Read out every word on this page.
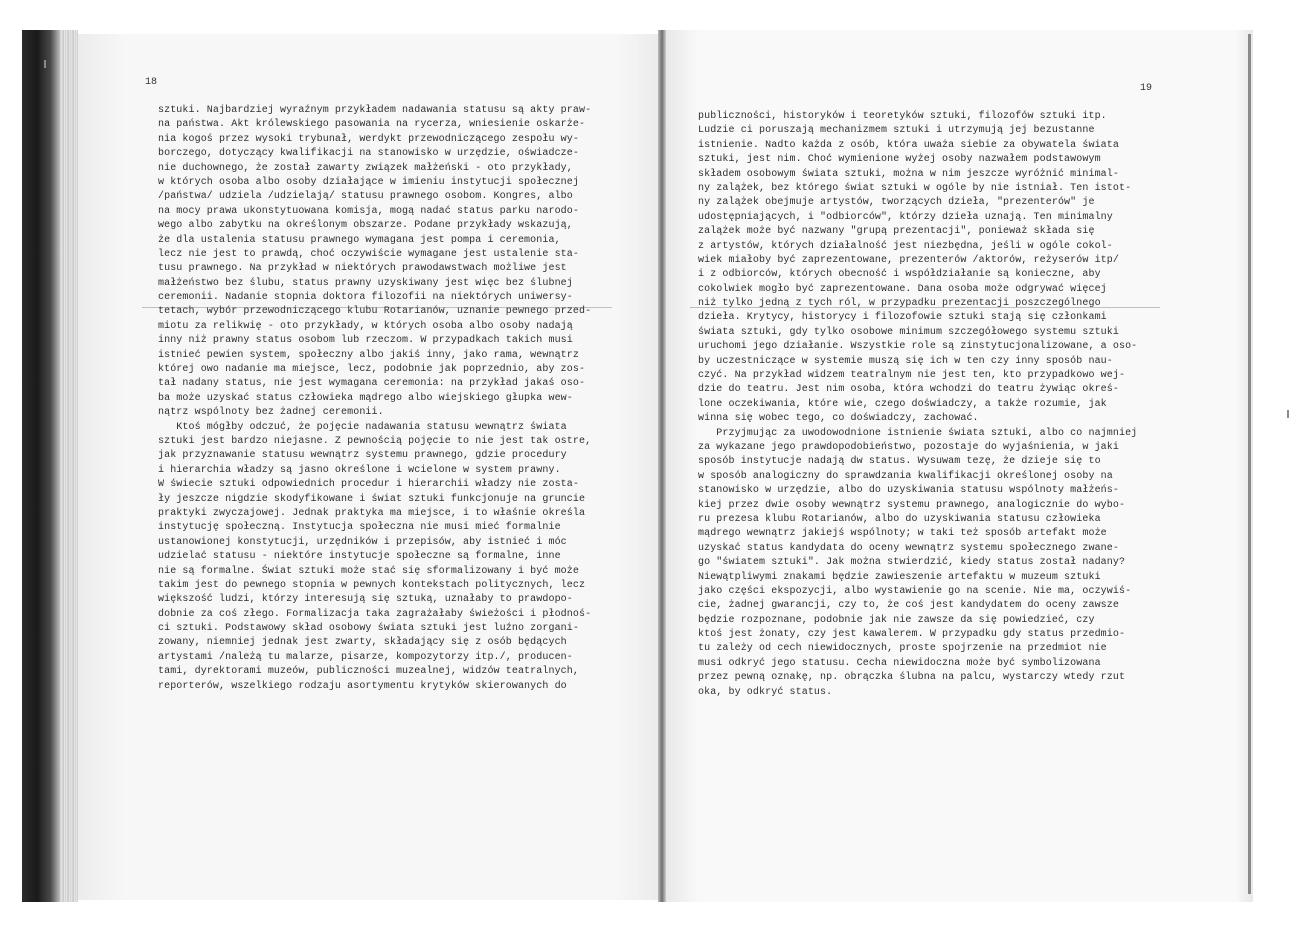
18
19
sztuki. Najbardziej wyraźnym przykładem nadawania statusu są akty praw-
na państwa. Akt królewskiego pasowania na rycerza, wniesienie oskarże-
nia kogoś przez wysoki trybunał, werdykt przewodniczącego zespołu wy-
borczego, dotyczący kwalifikacji na stanowisko w urzędzie, oświadcze-
nie duchownego, że został zawarty związek małżeński - oto przykłady,
w których osoba albo osoby działające w imieniu instytucji społecznej
/państwa/ udziela /udzielają/ statusu prawnego osobom. Kongres, albo
na mocy prawa ukonstytuowana komisja, mogą nadać status parku narodo-
wego albo zabytku na określonym obszarze. Podane przykłady wskazują,
że dla ustalenia statusu prawnego wymagana jest pompa i ceremonia,
lecz nie jest to prawdą, choć oczywiście wymagane jest ustalenie sta-
tusu prawnego. Na przykład w niektórych prawodawstwach możliwe jest
małżeństwo bez ślubu, status prawny uzyskiwany jest więc bez ślubnej
ceremonii. Nadanie stopnia doktora filozofii na niektórych uniwersy-
tetach, wybór przewodniczącego klubu Rotarianów, uznanie pewnego przed-
miotu za relikwię - oto przykłady, w których osoba albo osoby nadają
inny niż prawny status osobom lub rzeczom. W przypadkach takich musi
istnieć pewien system, społeczny albo jakiś inny, jako rama, wewnątrz
której owo nadanie ma miejsce, lecz, podobnie jak poprzednio, aby zos-
tał nadany status, nie jest wymagana ceremonia: na przykład jakaś oso-
ba może uzyskać status człowieka mądrego albo wiejskiego głupka wew-
nątrz wspólnoty bez żadnej ceremonii.
Ktoś mógłby odczuć, że pojęcie nadawania statusu wewnątrz świata
sztuki jest bardzo niejasne. Z pewnością pojęcie to nie jest tak ostre,
jak przyznawanie statusu wewnątrz systemu prawnego, gdzie procedury
i hierarchia władzy są jasno określone i wcielone w system prawny.
W świecie sztuki odpowiednich procedur i hierarchii władzy nie zosta-
ły jeszcze nigdzie skodyfikowane i świat sztuki funkcjonuje na gruncie
praktyki zwyczajowej. Jednak praktyka ma miejsce, i to właśnie określa
instytucję społeczną. Instytucja społeczna nie musi mieć formalnie
ustanowionej konstytucji, urzędników i przepisów, aby istnieć i móc
udzielać statusu - niektóre instytucje społeczne są formalne, inne
nie są formalne. Świat sztuki może stać się sformalizowany i być może
takim jest do pewnego stopnia w pewnych kontekstach politycznych, lecz
większość ludzi, którzy interesują się sztuką, uznałaby to prawdopo-
dobnie za coś złego. Formalizacja taka zagrażałaby świeżości i płodnoś-
ci sztuki. Podstawowy skład osobowy świata sztuki jest luźno zorgani-
zowany, niemniej jednak jest zwarty, składający się z osób będących
artystami /należą tu malarze, pisarze, kompozytorzy itp./, producen-
tami, dyrektorami muzeów, publiczności muzealnej, widzów teatralnych,
reporterów, wszelkiego rodzaju asortymentu krytyków skierowanych do
publiczności, historyków i teoretyków sztuki, filozofów sztuki itp.
Ludzie ci poruszają mechanizmem sztuki i utrzymują jej bezustanne
istnienie. Nadto każda z osób, która uważa siebie za obywatela świata
sztuki, jest nim. Choć wymienione wyżej osoby nazwałem podstawowym
składem osobowym świata sztuki, można w nim jeszcze wyróżnić minimal-
ny zalążek, bez którego świat sztuki w ogóle by nie istniał. Ten istot-
ny zalążek obejmuje artystów, tworzących dzieła, "prezenterów" je
udostępniających, i "odbiorców", którzy dzieła uznają. Ten minimalny
zalążek może być nazwany "grupą prezentacji", ponieważ składa się
z artystów, których działalność jest niezbędna, jeśli w ogóle cokol-
wiek miałoby być zaprezentowane, prezenterów /aktorów, reżyserów itp/
i z odbiorców, których obecność i współdziałanie są konieczne, aby
cokolwiek mogło być zaprezentowane. Dana osoba może odgrywać więcej
niż tylko jedną z tych ról, w przypadku prezentacji poszczególnego
dzieła. Krytycy, historycy i filozofowie sztuki stają się członkami
świata sztuki, gdy tylko osobowe minimum szczegółowego systemu sztuki
uruchomi jego działanie. Wszystkie role są zinstytucjonalizowane, a oso-
by uczestniczące w systemie muszą się ich w ten czy inny sposób nau-
czyć. Na przykład widzem teatralnym nie jest ten, kto przypadkowo wej-
dzie do teatru. Jest nim osoba, która wchodzi do teatru żywiąc okreś-
lone oczekiwania, które wie, czego doświadczy, a także rozumie, jak
winna się wobec tego, co doświadczy, zachować.
Przyjmując za uwodowodnione istnienie świata sztuki, albo co najmniej
za wykazane jego prawdopodobieństwo, pozostaje do wyjaśnienia, w jaki
sposób instytucje nadają dw status. Wysuwam tezę, że dzieje się to
w sposób analogiczny do sprawdzania kwalifikacji określonej osoby na
stanowisko w urzędzie, albo do uzyskiwania statusu wspólnoty małżeńs-
kiej przez dwie osoby wewnątrz systemu prawnego, analogicznie do wybo-
ru prezesa klubu Rotarianów, albo do uzyskiwania statusu człowieka
mądrego wewnątrz jakiejś wspólnoty; w taki też sposób artefakt może
uzyskać status kandydata do oceny wewnątrz systemu społecznego zwane-
go "światem sztuki". Jak można stwierdzić, kiedy status został nadany?
Niewątpliwymi znakami będzie zawieszenie artefaktu w muzeum sztuki
jako części ekspozycji, albo wystawienie go na scenie. Nie ma, oczywiś-
cie, żadnej gwarancji, czy to, że coś jest kandydatem do oceny zawsze
będzie rozpoznane, podobnie jak nie zawsze da się powiedzieć, czy
ktoś jest żonaty, czy jest kawalerem. W przypadku gdy status przedmio-
tu zależy od cech niewidocznych, proste spojrzenie na przedmiot nie
musi odkryć jego statusu. Cecha niewidoczna może być symbolizowana
przez pewną oznakę, np. obrączka ślubna na palcu, wystarczy wtedy rzut
oka, by odkryć status.
